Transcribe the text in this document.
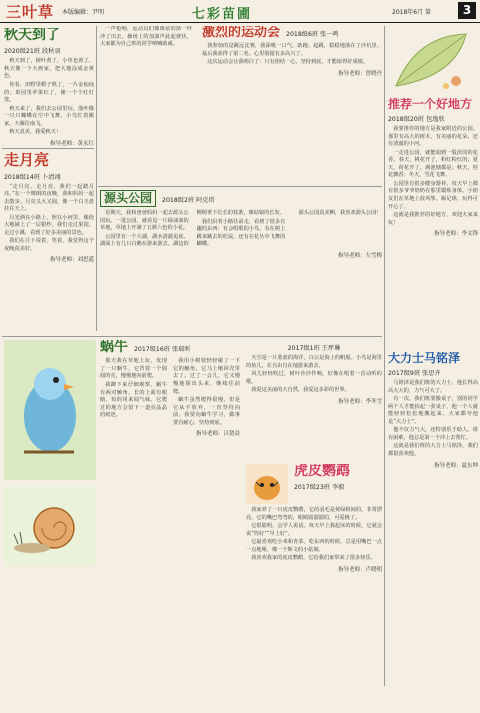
三叶草 本版编辑：尹明	七彩苗圃	2018年6月 第	3
秋天到了
2020级21班 段秋羽

秋天到了，树叶黄了，小草也黄了，秋天像一个大画家，把大地涂成金黄色。

你看，田野里稻子熟了，一片金灿灿的；果园里苹果红了，像一个个红灯笼。

秋天来了，我们去公园里玩。落叶像一只只蝴蝶在空中飞舞，小鸟忙着搬家，大雁往南飞。

秋天真美，我爱秋天！

指导老师：黄永红
走月亮
2018级14班 卜清翊

“走月亮，走月亮，我们一起踏月亮。”在一个晴朗的夜晚，我和妈妈一起去散步。月亮又大又圆，像一个白玉盘挂在天上。

月光洒在小路上，照在小河里，像给大地铺上了一层银纱。我们走过果园，走过小溪，看到了好多美丽的景色。

我们在月下说着，笑着，我觉得这个夜晚真美好。

指导老师：刘思遥

一声枪响，运动员们像离弦的箭一样冲了出去。操场上的加油声此起彼伏，大家都为自己班的同学呐喊助威。

激烈的运动会 2018级6班 张一鸣

我参加的是跳远比赛，我深吸一口气，助跑、起跳，稳稳地落在了沙坑里。最后我获得了第二名，心里别提有多高兴了。

这次运动会让我明白了：只有团结一心，坚持到底，才能取得好成绩。

指导老师：曾晓丹
源头公园	2018级2班 阿克塔

星期天，我和爸爸妈妈一起去源头公园玩。一进公园，就看见一片绿油油的草地，草地上开满了五颜六色的小花。

公园里有一个大湖，湖水清澈见底，湖面上有几只白鹅在游来游去。湖边的柳树垂下长长的枝条，像姑娘的长发。

我们沿着小路往前走，看到了很多有趣的东西：有会唱歌的小鸟，有在树上跳来跳去的松鼠，还有在花丛中飞舞的蝴蝶。

源头公园真美啊，我喜欢源头公园！

指导老师：左雪梅
推荐一个好地方
2018级20班 包逸欣

我要推荐的地方是我家附近的公园。那里有高大的树木，有美丽的花朵，还有清澈的小河。

一走进公园，就能闻到一股淡淡的花香。春天，桃花开了，粉红粉红的；夏天，荷花开了，满池塘都是；秋天，桂花飘香；冬天，雪花飞舞。

公园里有很多健身器材，每天早上都有很多爷爷奶奶在那里锻炼身体。小朋友们在草地上放风筝、踢足球，玩得可开心了。

这就是我推荐的好地方，欢迎大家来玩！

指导老师：李文锋
蜗牛 2017级16班 张瑞昕

那天我在草地上玩，发现了一只蜗牛。它背着一个圆圆的壳，慢慢地向前爬。

我蹲下来仔细观察，蜗牛有两对触角，长的上面有眼睛，短的用来闻气味。它爬过的地方会留下一道亮晶晶的痕迹。

我用小树枝轻轻碰了一下它的触角，它马上缩回壳里去了。过了一会儿，它又慢慢地探出头来，继续往前爬。

蜗牛虽然爬得很慢，但是它从不放弃，一直坚持向前。我要向蜗牛学习，做事要有耐心，坚持到底。

指导老师：吕贤益
2017级1班 王坪琳

天空是一片蓝蓝的海洋，白云是海上的帆船。小鸟是海里的鱼儿，在自由自在地游来游去。

风儿轻轻吹过，树叶沙沙作响，好像在唱着一首动听的歌。

我爱这美丽的大自然，我爱这多彩的世界。

指导老师：李冬雪
虎皮鹦鹉
2017级23班 李毅

我家养了一只虎皮鹦鹉，它的羽毛是黄绿相间的，非常漂亮。它的嘴巴弯弯的，眼睛圆溜溜的，可爱极了。

它很聪明，会学人说话。每天早上我起床的时候，它就会说“你好”“早上好”。

它最喜欢吃小米和青菜，吃东西的时候，总是用嘴巴一点一点地啄，像一个斯文的小姑娘。

我喜欢我家的虎皮鹦鹉，它给我们家带来了很多快乐。

指导老师：卢晓明
大力士马铭泽
2017级9班 张思齐

马铭泽是我们班的大力士，他长得高高大大的，力气可大了。

有一次，我们班要搬桌子，别的同学两个人才能抬起一张桌子，他一个人就能轻轻松松地搬起来。大家都夸他是“大力士”。

他不仅力气大，还特别乐于助人。谁有困难，他总是第一个冲上去帮忙。

这就是我们班的大力士马铭泽，我们都很喜欢他。

指导老师：夏东坤
